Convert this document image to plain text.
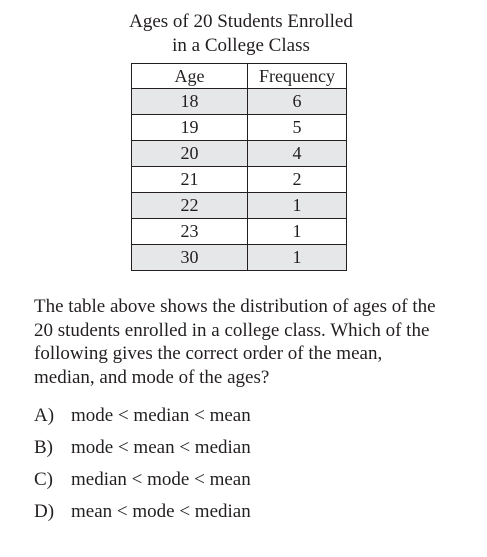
Ages of 20 Students Enrolled
in a College Class
Age	Frequency
18	6
19	5
20	4
21	2
22	1
23	1
30	1
The table above shows the distribution of ages of the
20 students enrolled in a college class. Which of the
following gives the correct order of the mean,
median, and mode of the ages?
A) mode < median < mean
B) mode < mean < median
C) median < mode < mean
D) mean < mode < median
